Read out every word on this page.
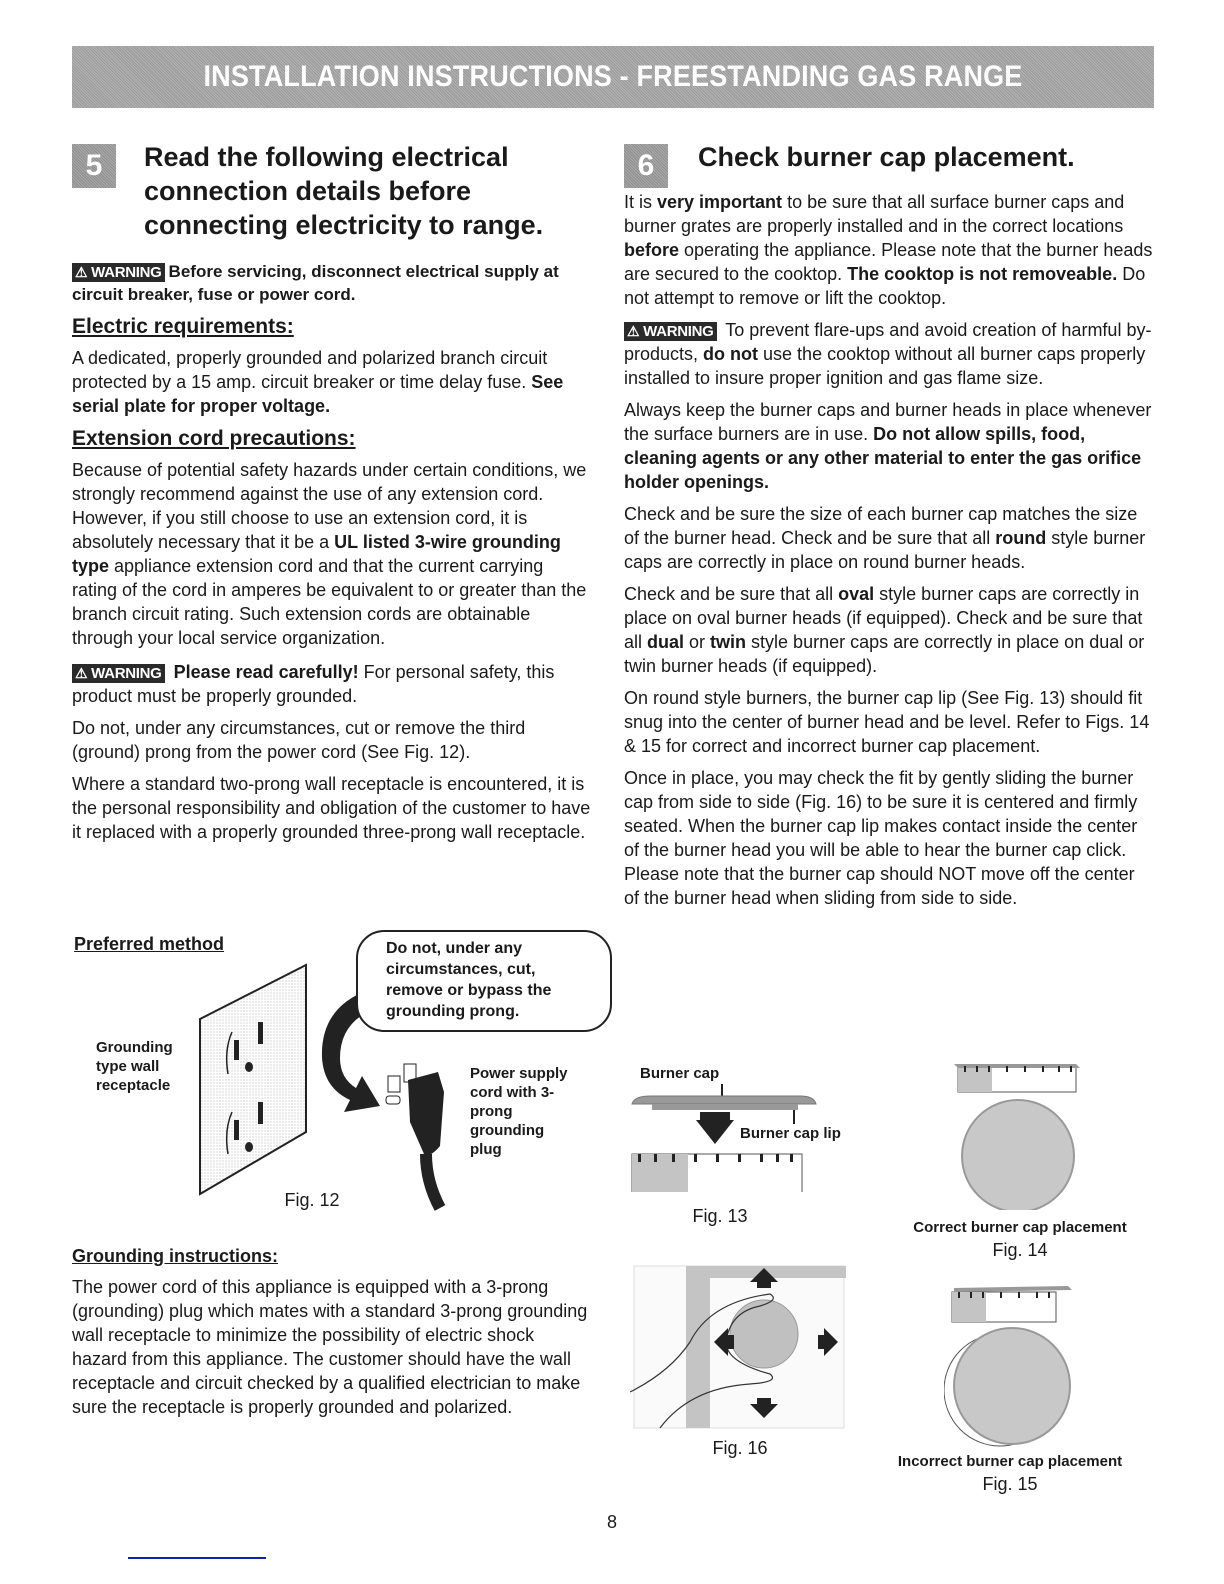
INSTALLATION INSTRUCTIONS - FREESTANDING GAS RANGE
5	Read the following electrical connection details before connecting electricity to range.

⚠ WARNING Before servicing, disconnect electrical supply at circuit breaker, fuse or power cord.

Electric requirements:

A dedicated, properly grounded and polarized branch circuit protected by a 15 amp. circuit breaker or time delay fuse. See serial plate for proper voltage.

Extension cord precautions:

Because of potential safety hazards under certain conditions, we strongly recommend against the use of any extension cord. However, if you still choose to use an extension cord, it is absolutely necessary that it be a UL listed 3-wire grounding type appliance extension cord and that the current carrying rating of the cord in amperes be equivalent to or greater than the branch circuit rating. Such extension cords are obtainable through your local service organization.

⚠ WARNING Please read carefully! For personal safety, this product must be properly grounded.

Do not, under any circumstances, cut or remove the third (ground) prong from the power cord (See Fig. 12).

Where a standard two-prong wall receptacle is encountered, it is the personal responsibility and obligation of the customer to have it replaced with a properly grounded three-prong wall receptacle.

Preferred method
Grounding type wall receptacle
Do not, under any circumstances, cut, remove or bypass the grounding prong.
Power supply cord with 3-prong grounding plug
Fig. 12
Grounding instructions:

The power cord of this appliance is equipped with a 3-prong (grounding) plug which mates with a standard 3-prong grounding wall receptacle to minimize the possibility of electric shock hazard from this appliance. The customer should have the wall receptacle and circuit checked by a qualified electrician to make sure the receptacle is properly grounded and polarized.

6	Check burner cap placement.

It is very important to be sure that all surface burner caps and burner grates are properly installed and in the correct locations before operating the appliance. Please note that the burner heads are secured to the cooktop. The cooktop is not removeable. Do not attempt to remove or lift the cooktop.

⚠ WARNING To prevent flare-ups and avoid creation of harmful by-products, do not use the cooktop without all burner caps properly installed to insure proper ignition and gas flame size.

Always keep the burner caps and burner heads in place whenever the surface burners are in use. Do not allow spills, food, cleaning agents or any other material to enter the gas orifice holder openings.

Check and be sure the size of each burner cap matches the size of the burner head. Check and be sure that all round style burner caps are correctly in place on round burner heads.

Check and be sure that all oval style burner caps are correctly in place on oval burner heads (if equipped). Check and be sure that all dual or twin style burner caps are correctly in place on dual or twin burner heads (if equipped).

On round style burners, the burner cap lip (See Fig. 13) should fit snug into the center of burner head and be level. Refer to Figs. 14 & 15 for correct and incorrect burner cap placement.

Once in place, you may check the fit by gently sliding the burner cap from side to side (Fig. 16) to be sure it is centered and firmly seated. When the burner cap lip makes contact inside the center of the burner head you will be able to hear the burner cap click. Please note that the burner cap should NOT move off the center of the burner head when sliding from side to side.

Burner cap
Burner cap lip
Fig. 13
Correct burner cap placement
Fig. 14
Fig. 16
Incorrect burner cap placement
Fig. 15
8
